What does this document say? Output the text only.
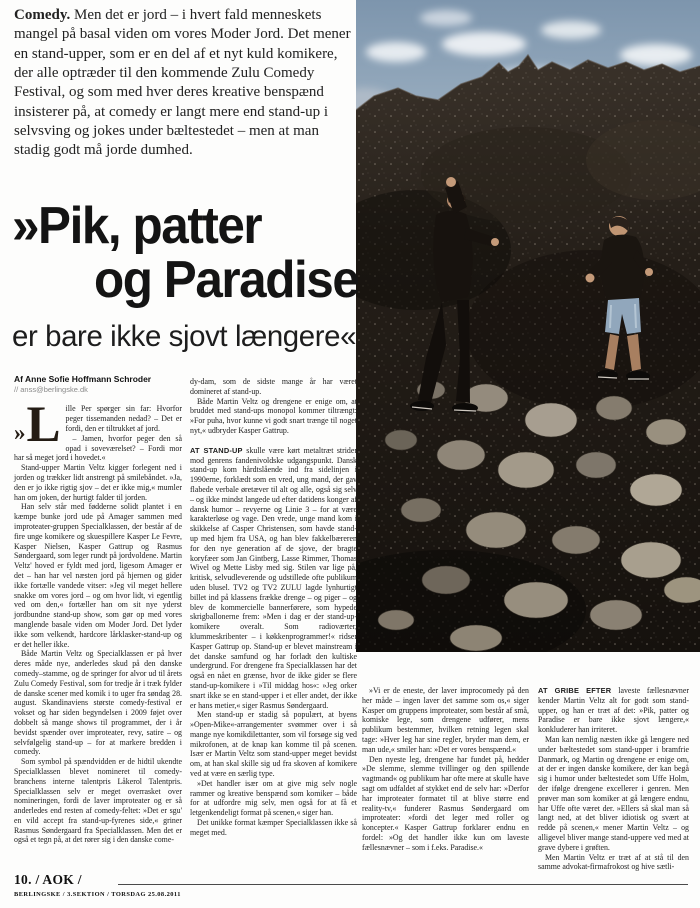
Comedy. Men det er jord – i hvert fald menneskets mangel på basal viden om vores Moder Jord. Det mener en stand-upper, som er en del af et nyt kuld komikere, der alle optræder til den kommende Zulu Comedy Festival, og som med hver deres kreative benspænd insisterer på, at comedy er langt mere end stand-up i selvsving og jokes under bæltestedet – men at man stadig godt må jorde dumhed.
»Pik, patter
og Paradise
er bare ikke sjovt længere«
Af Anne Sofie Hoffmann Schroder
// anss@berlingske.dk

» L ille Per spørger sin far: Hvorfor peger tissemanden nedad? – Det er fordi, den er tiltrukket af jord.

– Jamen, hvorfor peger den så opad i soveværelset? – Fordi mor har så meget jord i hovedet.«

Stand-upper Martin Veltz kigger forlegent ned i jorden og trækker lidt anstrengt på smilebåndet. »Ja, den er jo ikke rigtig sjov – det er ikke mig,« mumler han om joken, der hurtigt falder til jorden.

Han selv står med fødderne solidt plantet i en kæmpe bunke jord ude på Amager sammen med improteater-gruppen Specialklassen, der består af de fire unge komikere og skuespillere Kasper Le Fevre, Kasper Nielsen, Kasper Gattrup og Rasmus Søndergaard, som leger rundt på jordvoldene. Martin Veltz' hoved er fyldt med jord, ligesom Amager er det – han har vel næsten jord på hjernen og gider ikke fortælle vandede vitser: »Jeg vil meget hellere snakke om vores jord – og om hvor lidt, vi egentlig ved om den,« fortæller han om sit nye yderst jordbundne stand-up show, som gør op med vores manglende basale viden om Moder Jord. Det lyder ikke som velkendt, hardcore lårklasker-stand-up og er det heller ikke.

Både Martin Veltz og Specialklassen er på hver deres måde nye, anderledes skud på den danske comedy–stamme, og de springer for alvor ud til årets Zulu Comedy Festival, som for tredje år i træk fylder de danske scener med komik i to uger fra søndag 28. august. Skandinaviens største comedy-festival er vokset og har siden begyndelsen i 2009 føjet over dobbelt så mange shows til programmet, der i år bevidst spænder over improteater, revy, satire – og selvfølgelig stand-up – for at markere bredden i comedy.

Som symbol på spændvidden er de hidtil ukendte Specialklassen blevet nomineret til comedy-branchens interne talentpris Låkerol Talentpris. Specialklassen selv er meget overrasket over nomineringen, fordi de laver improteater og er så anderledes end resten af comedy-feltet: »Det er sgu' en vild accept fra stand-up-fyrenes side,« griner Rasmus Søndergaard fra Specialklassen. Men det er også et tegn på, at det rører sig i den danske come-

dy-dam, som de sidste mange år har været domineret af stand-up.

Både Martin Veltz og drengene er enige om, at bruddet med stand-ups monopol kommer tiltrængt: »For puha, hvor kunne vi godt snart trænge til noget nyt,« udbryder Kasper Gattrup.

AT STAND-UP skulle være kørt metaltræt strider mod genrens fandenivoldske udgangspunkt. Dansk stand-up kom hårdtslående ind fra sidelinjen i 1990erne, forklædt som en vred, ung mand, der gav flabede verbale øretæver til alt og alle, også sig selv – og ikke mindst langede ud efter datidens konger af dansk humor – revyerne og Linie 3 – for at være karakterløse og vage. Den vrede, unge mand kom i skikkelse af Casper Christensen, som havde stand-up med hjem fra USA, og han blev fakkelbæreren for den nye generation af de sjove, der bragte koryfæer som Jan Gintberg, Lasse Rimmer, Thomas Wivel og Mette Lisby med sig. Stilen var lige på, kritisk, selvudleverende og udstillede ofte publikum uden blusel. TV2 og TV2 ZULU lagde lynhurtigt billet ind på klassens frække drenge – og piger – og blev de kommercielle bannerførere, som hypede skrigballonerne frem: »Men i dag er der stand-up-komikere overalt. Som radioværter, klummeskribenter – i køkkenprogrammer!« ridser Kasper Gattrup op. Stand-up er blevet mainstream i det danske samfund og har forladt den kultiske undergrund. For drengene fra Specialklassen har det også en nået en grænse, hvor de ikke gider se flere stand-up-komikere i »Til middag hos«: »Jeg orker snart ikke se en stand-upper i et eller andet, der ikke er hans metier,« siger Rasmus Søndergaard.

Men stand-up er stadig så populært, at byens »Open-Mike«-arrangementer svømmer over i så mange nye komikdilettanter, som vil forsøge sig ved mikrofonen, at de knap kan komme til på scenen. Især er Martin Veltz som stand-upper meget bevidst om, at han skal skille sig ud fra skoven af komikere ved at være en særlig type.

»Det handler især om at give mig selv nogle rammer og kreative benspænd som komiker – både for at udfordre mig selv, men også for at få et letgenkendeligt format på scenen,« siger han.

Det unikke format kæmper Specialklassen ikke så meget med.

»Vi er de eneste, der laver improcomedy på den her måde – ingen laver det samme som os,« siger Kasper om gruppens improteater, som består af små, komiske lege, som drengene udfører, mens publikum bestemmer, hvilken retning legen skal tage: »Hver leg har sine regler, bryder man dem, er man ude,« smiler han: »Det er vores benspænd.«

Den nyeste leg, drengene har fundet på, hedder »De slemme, slemme tvillinger og den spillende vagtmand« og publikum har ofte mere at skulle have sagt om udfaldet af stykket end de selv har: »Derfor har improteater formatet til at blive større end reality-tv,« funderer Rasmus Søndergaard om improteater: »fordi det leger med roller og koncepter.« Kasper Gattrup forklarer endnu en fordel: »Og det handler ikke kun om laveste fællesnævner – som i f.eks. Paradise.«

AT GRIBE EFTER laveste fællesnævner kender Martin Veltz alt for godt som stand-upper, og han er træt af det: »Pik, patter og Paradise er bare ikke sjovt længere,« konkluderer han irriteret.

Man kan nemlig næsten ikke gå længere ned under bæltestedet som stand-upper i bramfrie Danmark, og Martin og drengene er enige om, at der er ingen danske komikere, der kan begå sig i humor under bæltestedet som Uffe Holm, der ifølge drengene excellerer i genren. Men prøver man som komiker at gå længere endnu, har Uffe ofte været der. »Ellers så skal man så langt ned, at det bliver idiotisk og svært at redde på scenen,« mener Martin Veltz – og alligevel bliver mange stand-uppere ved med at grave dybere i grøften.

Men Martin Veltz er træt af at stå til den samme advokat-firmafrokost og hive sætli-

10. / AOK /
BERLINGSKE / 3.SEKTION / TORSDAG 25.08.2011
